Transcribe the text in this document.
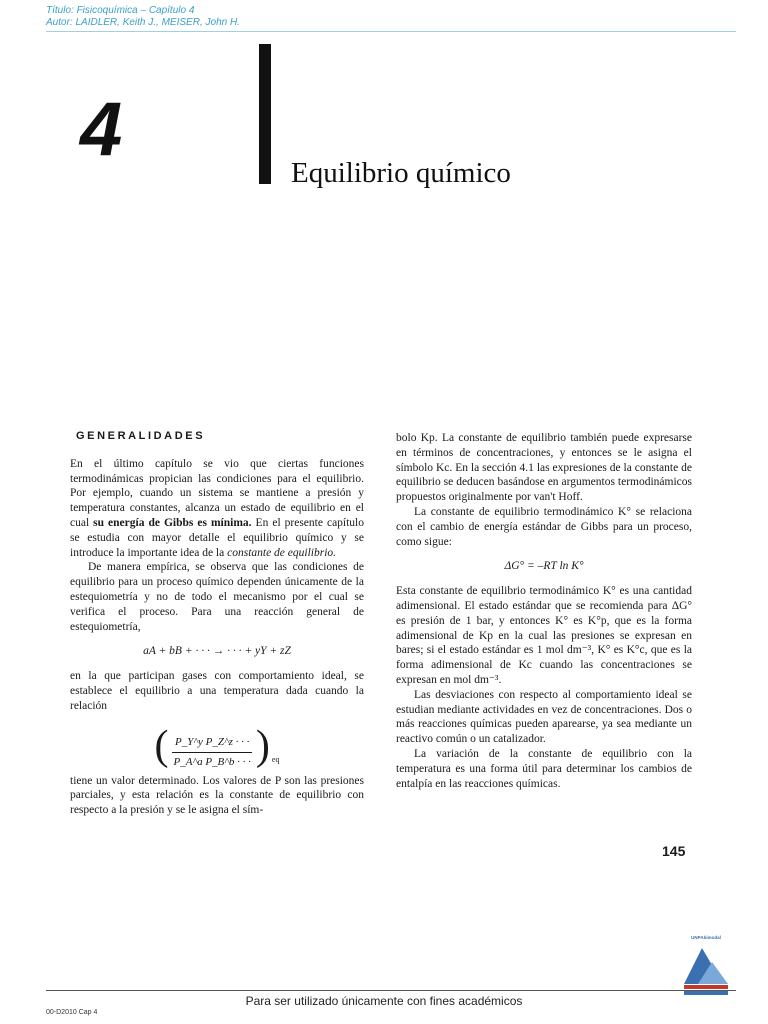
Título: Fisicoquímica – Capítulo 4
Autor: LAIDLER, Keith J., MEISER, John H.
4
Equilibrio químico
GENERALIDADES

En el último capítulo se vio que ciertas funciones termodinámicas propician las condiciones para el equilibrio. Por ejemplo, cuando un sistema se mantiene a presión y temperatura constantes, alcanza un estado de equilibrio en el cual su energía de Gibbs es mínima. En el presente capítulo se estudia con mayor detalle el equilibrio químico y se introduce la importante idea de la constante de equilibrio.

De manera empírica, se observa que las condiciones de equilibrio para un proceso químico dependen únicamente de la estequiometría y no de todo el mecanismo por el cual se verifica el proceso. Para una reacción general de estequiometría,

aA + bB + · · · → · · · + yY + zZ

en la que participan gases con comportamiento ideal, se establece el equilibrio a una temperatura dada cuando la relación

( $\frac{\text{P\_Y\textasciicircum{}y P\_Z\textasciicircum{}z · · ·}}{\text{P\_A\textasciicircum{}a P\_B\textasciicircum{}b · · ·}}$ ) eq

tiene un valor determinado. Los valores de P son las presiones parciales, y esta relación es la constante de equilibrio con respecto a la presión y se le asigna el sím-

bolo Kp. La constante de equilibrio también puede expresarse en términos de concentraciones, y entonces se le asigna el símbolo Kc. En la sección 4.1 las expresiones de la constante de equilibrio se deducen basándose en argumentos termodinámicos propuestos originalmente por van't Hoff.

La constante de equilibrio termodinámico K° se relaciona con el cambio de energía estándar de Gibbs para un proceso, como sigue:

ΔG° = –RT ln K°

Esta constante de equilibrio termodinámico K° es una cantidad adimensional. El estado estándar que se recomienda para ΔG° es presión de 1 bar, y entonces K° es K°p, que es la forma adimensional de Kp en la cual las presiones se expresan en bares; si el estado estándar es 1 mol dm⁻³, K° es K°c, que es la forma adimensional de Kc cuando las concentraciones se expresan en mol dm⁻³.

Las desviaciones con respecto al comportamiento ideal se estudian mediante actividades en vez de concentraciones. Dos o más reacciones químicas pueden aparearse, ya sea mediante un reactivo común o un catalizador.

La variación de la constante de equilibrio con la temperatura es una forma útil para determinar los cambios de entalpía en las reacciones químicas.

145
UNPAbimodal
Para ser utilizado únicamente con fines académicos
00-D2010 Cap 4
